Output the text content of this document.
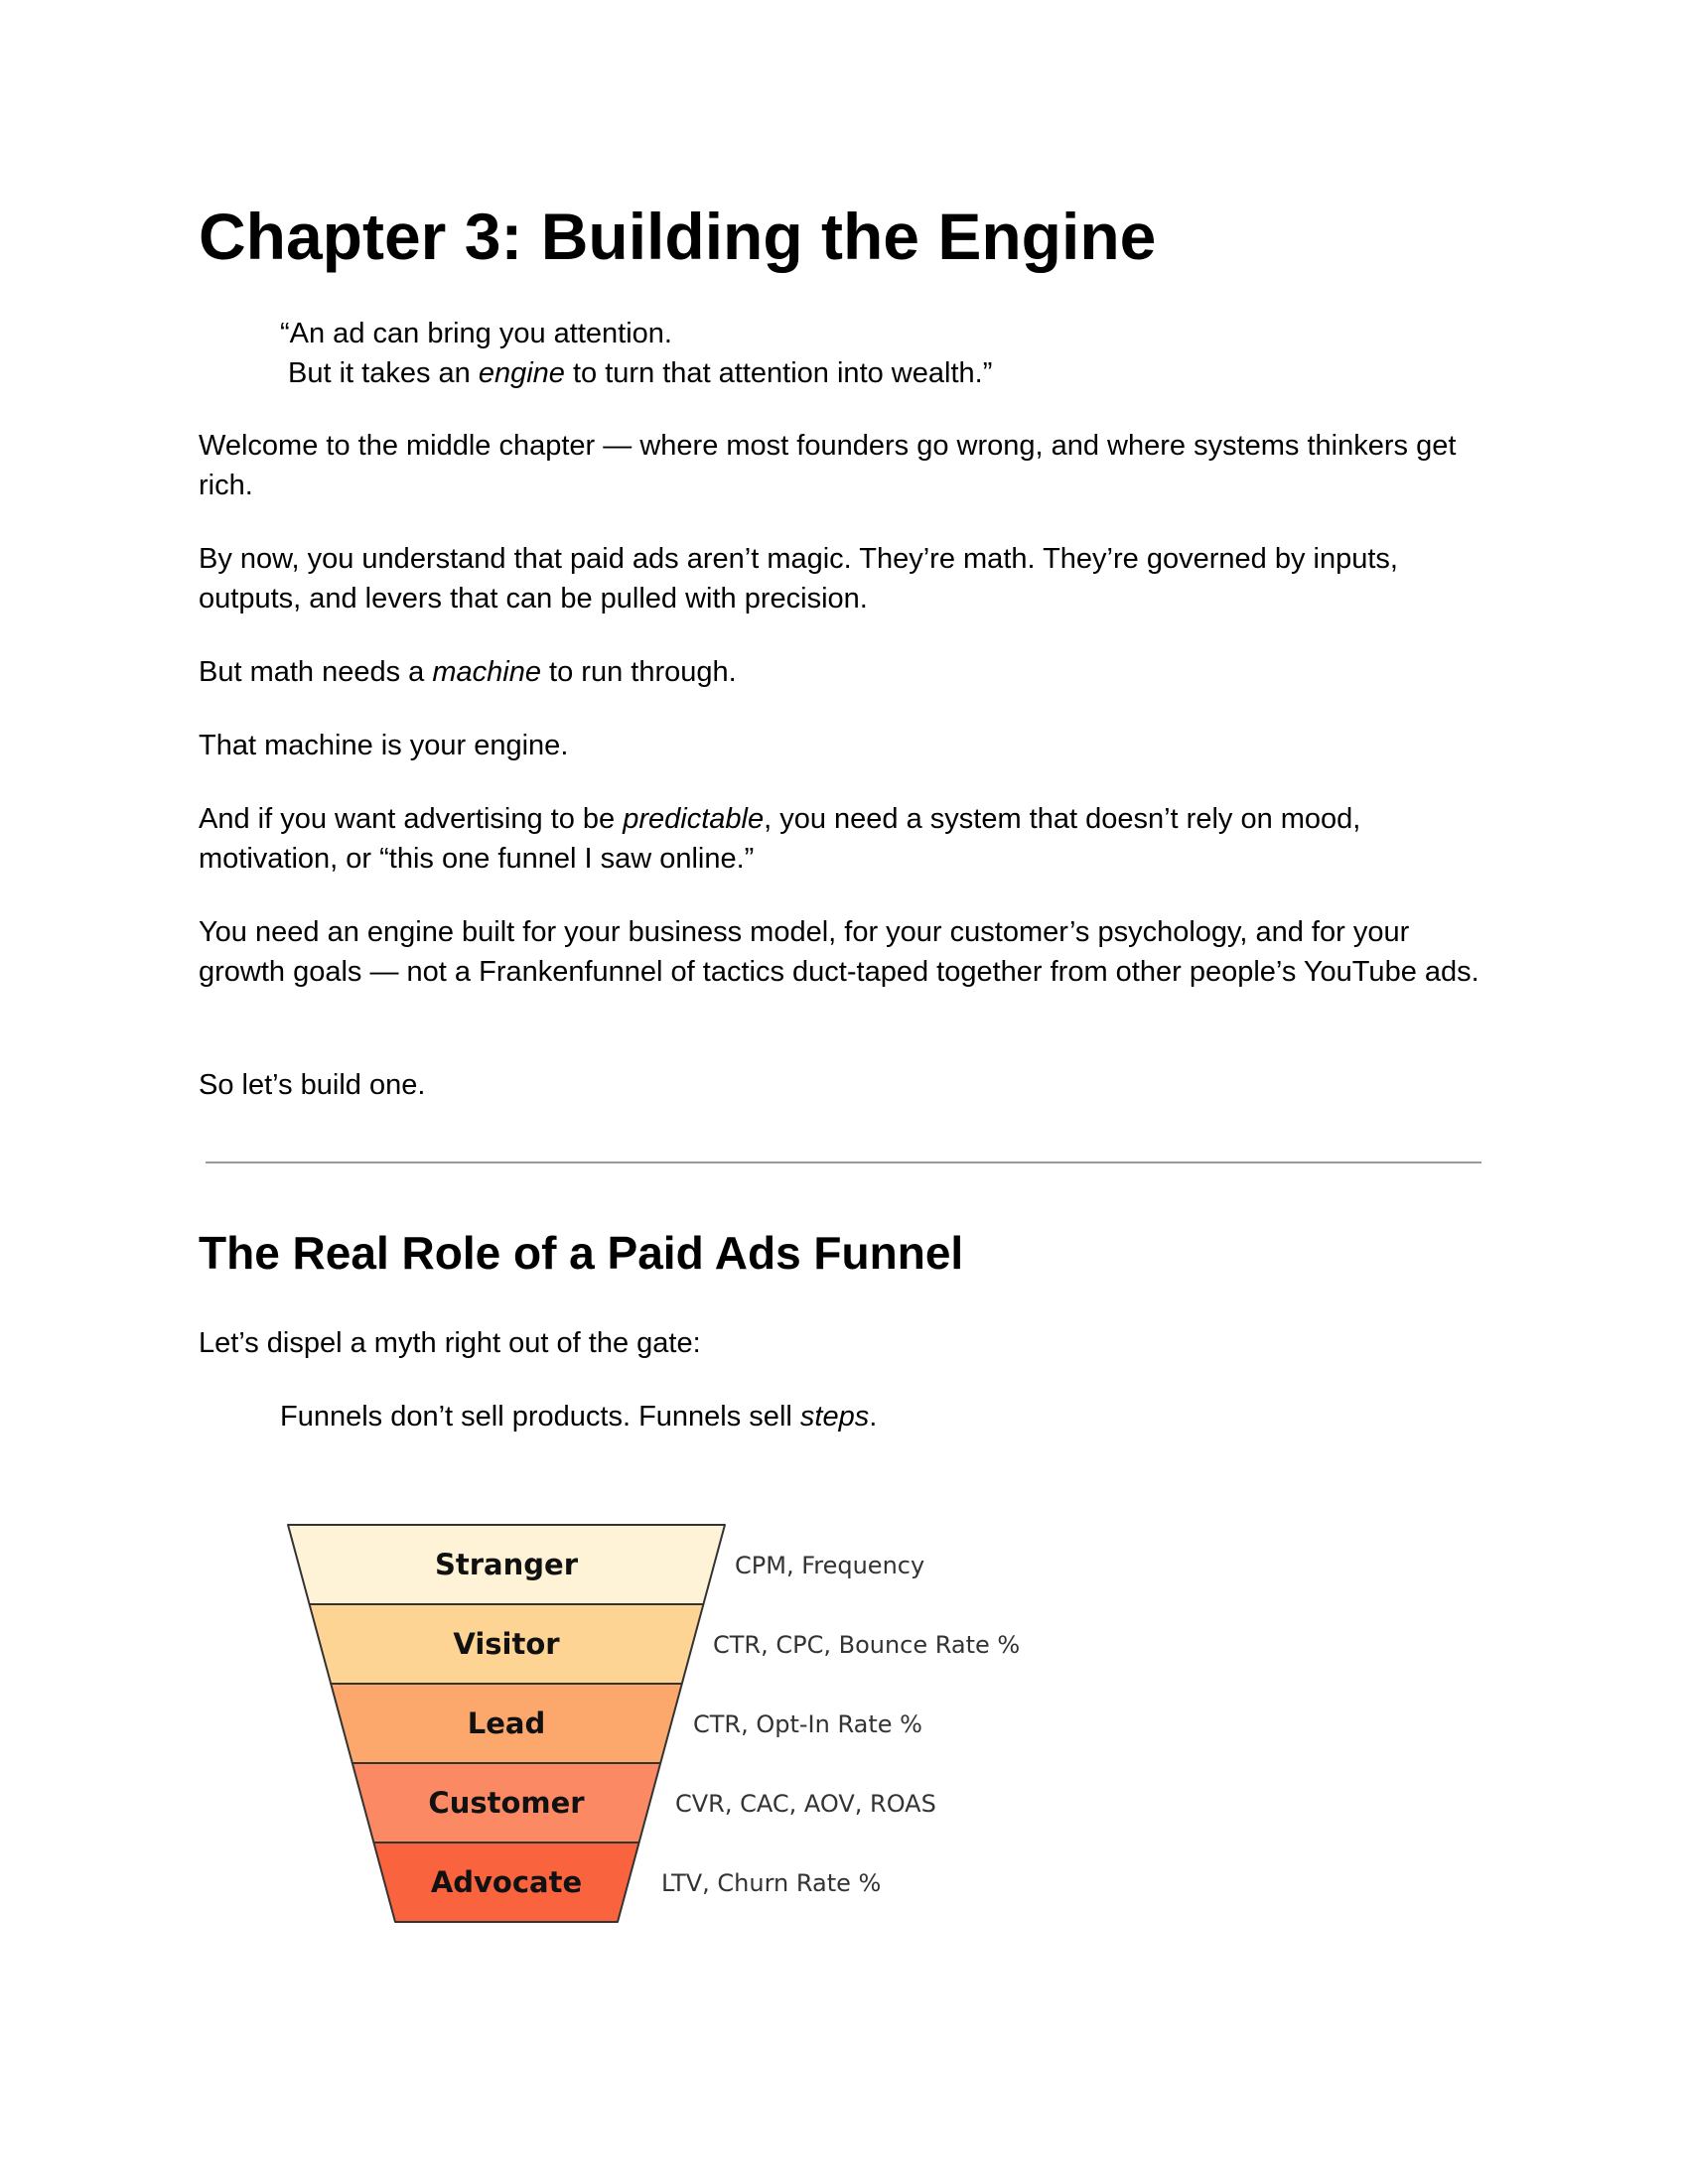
Chapter 3: Building the Engine
“An ad can bring you attention.
But it takes an engine to turn that attention into wealth.”

Welcome to the middle chapter — where most founders go wrong, and where systems thinkers get rich.

By now, you understand that paid ads aren’t magic. They’re math. They’re governed by inputs, outputs, and levers that can be pulled with precision.

But math needs a machine to run through.

That machine is your engine.

And if you want advertising to be predictable, you need a system that doesn’t rely on mood, motivation, or “this one funnel I saw online.”

You need an engine built for your business model, for your customer’s psychology, and for your growth goals — not a Frankenfunnel of tactics duct-taped together from other people’s YouTube ads.

So let’s build one.

The Real Role of a Paid Ads Funnel

Let’s dispel a myth right out of the gate:

Funnels don’t sell products. Funnels sell steps.

Stranger	CPM, Frequency
Visitor	CTR, CPC, Bounce Rate %
Lead	CTR, Opt-In Rate %
Customer	CVR, CAC, AOV, ROAS
Advocate	LTV, Churn Rate %
